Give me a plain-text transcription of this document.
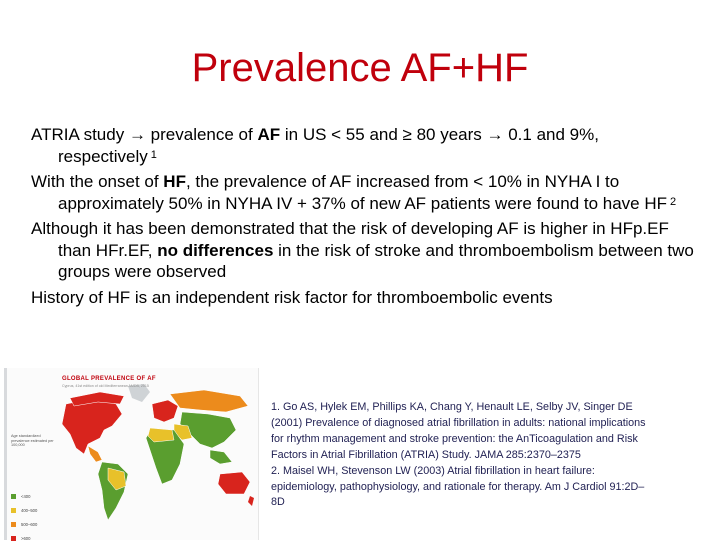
Prevalence AF+HF

ATRIA study → prevalence of AF in US < 55 and ≥ 80 years → 0.1 and 9%, respectively $^1$

With the onset of HF, the prevalence of AF increased from < 10% in NYHA I to approximately 50% in NYHA IV + 37% of new AF patients were found to have HF $^2$

Although it has been demonstrated that the risk of developing AF is higher in HFp.EF than HFr.EF, no differences in the risk of stroke and thromboembolism between two groups were observed

History of HF is an independent risk factor for thromboembolic events

GLOBAL PREVALENCE OF AF
Cyprus, 41st edition of old Mediterranean AMDB, 2015
Age standardized prevalence estimated per 100,000
<400
400–500
500–600
>600
1. Go AS, Hylek EM, Phillips KA, Chang Y, Henault LE, Selby JV, Singer DE (2001) Prevalence of diagnosed atrial fibrillation in adults: national implications for rhythm management and stroke prevention: the AnTicoagulation and Risk Factors in Atrial Fibrillation (ATRIA) Study. JAMA 285:2370–2375
2. Maisel WH, Stevenson LW (2003) Atrial fibrillation in heart failure: epidemiology, pathophysiology, and rationale for therapy. Am J Cardiol 91:2D–8D
